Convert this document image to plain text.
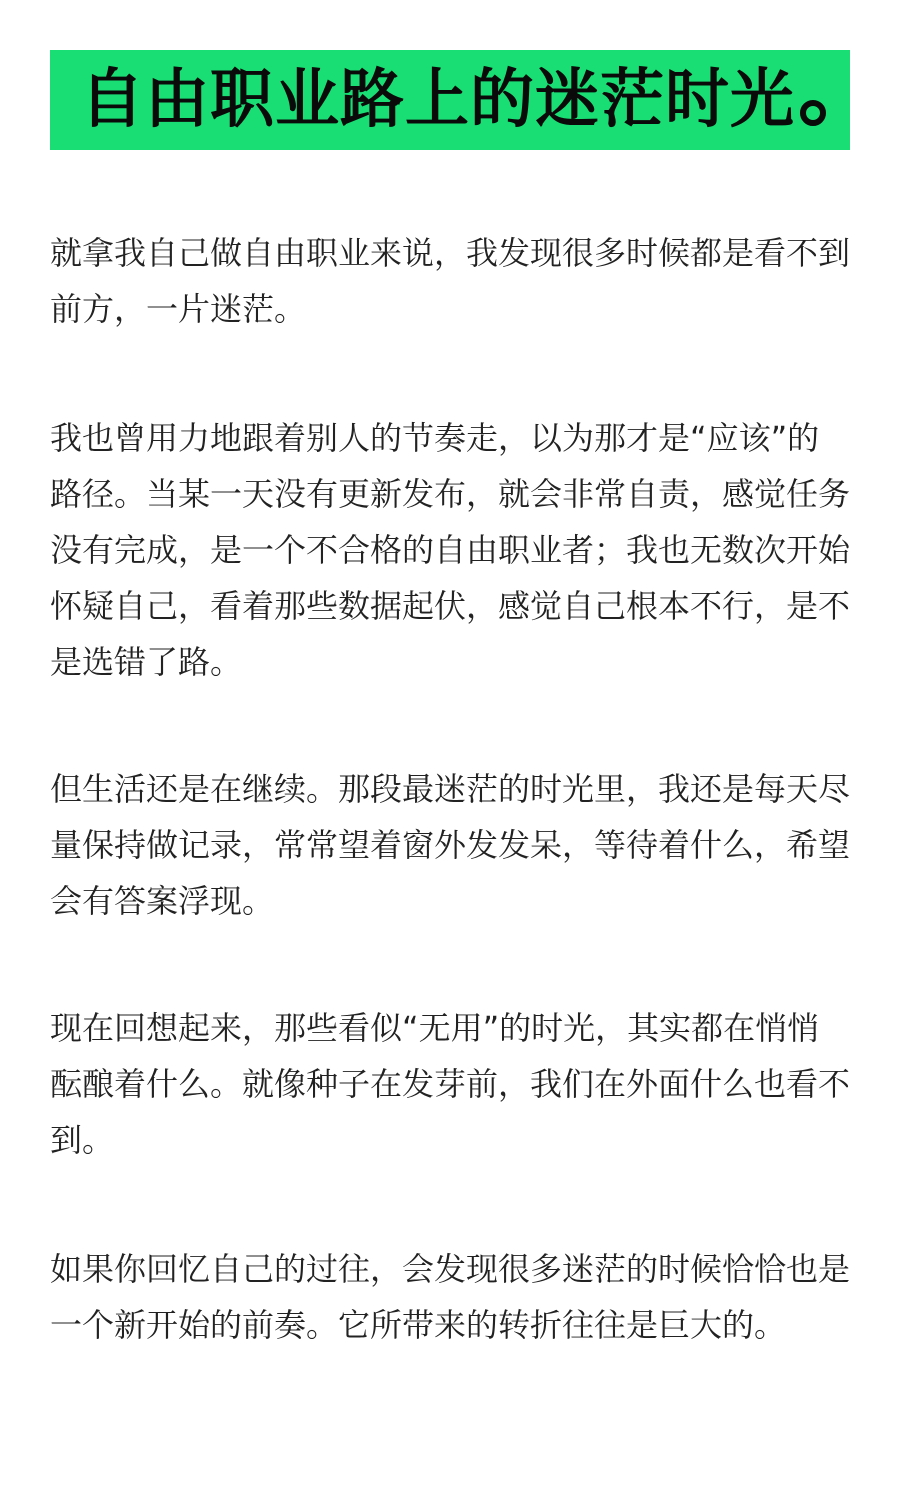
自由职业路上的迷茫时光

就拿我自己做自由职业来说，我发现很多时候都是看不到前方，一片迷茫。

我也曾用力地跟着别人的节奏走，以为那才是“应该”的路径。当某一天没有更新发布，就会非常自责，感觉任务没有完成，是一个不合格的自由职业者；我也无数次开始怀疑自己，看着那些数据起伏，感觉自己根本不行，是不是选错了路。

但生活还是在继续。那段最迷茫的时光里，我还是每天尽量保持做记录，常常望着窗外发发呆，等待着什么，希望会有答案浮现。

现在回想起来，那些看似“无用”的时光，其实都在悄悄酝酿着什么。就像种子在发芽前，我们在外面什么也看不到。

如果你回忆自己的过往，会发现很多迷茫的时候恰恰也是一个新开始的前奏。它所带来的转折往往是巨大的。
